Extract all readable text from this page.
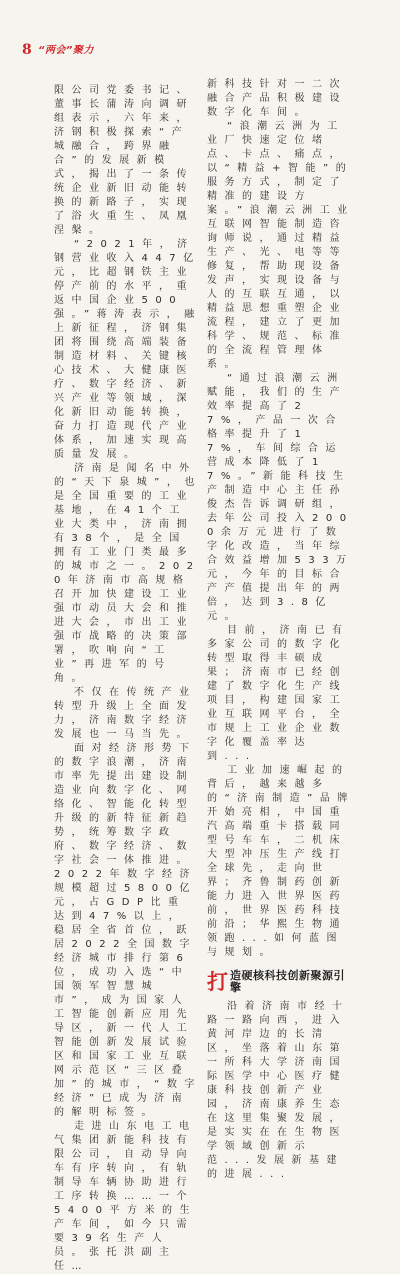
8 “两会”聚力

限公司党委书记、董事长蒲涛向调研组表示，六年来，济钢积极探索“产城融合，跨界融合”的发展新模式，揭出了一条传统企业新旧动能转换的新路子，实现了浴火重生、凤凰涅槃。

“2021年，济钢营业收入447亿元，比超钢铁主业停产前的水平，重返中国企业500强。”蒋涛表示，融上新征程，济钢集团将围绕高端装备制造材料、关键核心技术、大健康医疗、数字经济、新兴产业等领域，深化新旧动能转换，奋力打造现代产业体系，加速实现高质量发展。

济南是闻名中外的“天下泉城”，也是全国重要的工业基地，在41个工业大类中，济南拥有38个，是全国拥有工业门类最多的城市之一。2020年济南市高规格召开加快建设工业强市动员大会和推进大会，市出工业强市战略的决策部署，吹响向“工业”再进军的号角。

不仅在传统产业转型升级上全面发力，济南数字经济发展也一马当先。

面对经济形势下的数字浪潮，济南市率先提出建设制造业向数字化、网络化、智能化转型升级的新特征新趋势，统筹数字政府、数字经济、数字社会一体推进。2022年数字经济规模超过5800亿元，占GDP比重达到47%以上，稳居全省首位，跃居2022全国数字经济城市排行第6位，成功入选“中国领军智慧城市”，成为国家人工智能创新应用先导区，新一代人工智能创新发展试验区和国家工业互联网示范区“三区叠加”的城市，“数字经济”已成为济南的解明标签。

走进山东电工电气集团新能科技有限公司，自动导向车有序转向，有轨制导车辆协助进行工序转换……一个5400平方米的生产车间，如今只需要39名生产人员。张托洪副主任…

新科技针对一二次融合产品积极建设数字化车间。

“浪潮云洲为工业厂快速定位堵点、卡点、痛点，以“精益+智能”的服务方式，制定了精准的建设方案。”浪潮云洲工业互联网智能制造咨询师说，通过精益生产、光、电等等修复，帮助现设备发声，实现设备与人的互联互通，以精益思想重塑企业流程，建立了更加科学、规范、标准的全流程管理体系。

“通过浪潮云洲赋能，我们的生产效率提高了27%，产品一次合格率提升了17%，车间综合运营成本降低了17%。”新能科技生产制造中心主任孙俊杰告诉调研组，去年公司投入2000余万元进行了数字化改造，当年综合效益增加533万元，今年的目标合产产值提出年的两倍，达到3.8亿元。

目前，济南已有多家公司的数字化转型取得丰硕成果；济南市已经创建了数字化生产线项目，构建国家工业互联网平台，全市规上工业企业数字化覆盖率达到...

工业加速崛起的背后，越来越多的“济南制造”品牌开始亮相，中国重汽高端重卡搭载同型号车车，二机床大型冲压生产线打全球先，走向世界；齐鲁制药创新能力进入世界医药前，世界医药科技前沿；华熙生物通领跑...如何蓝图与规划。

打 造硬核科技创新聚源引擎

沿着济南市经十路一路向西，进入黄河岸边的长清区，坐落着山东第一所科大学济南国际医学中心医疗健康科技创新产业园，济南康养生态在这里集聚发展，是实实在在生物医学领域创新示范...发展新基建的进展...
